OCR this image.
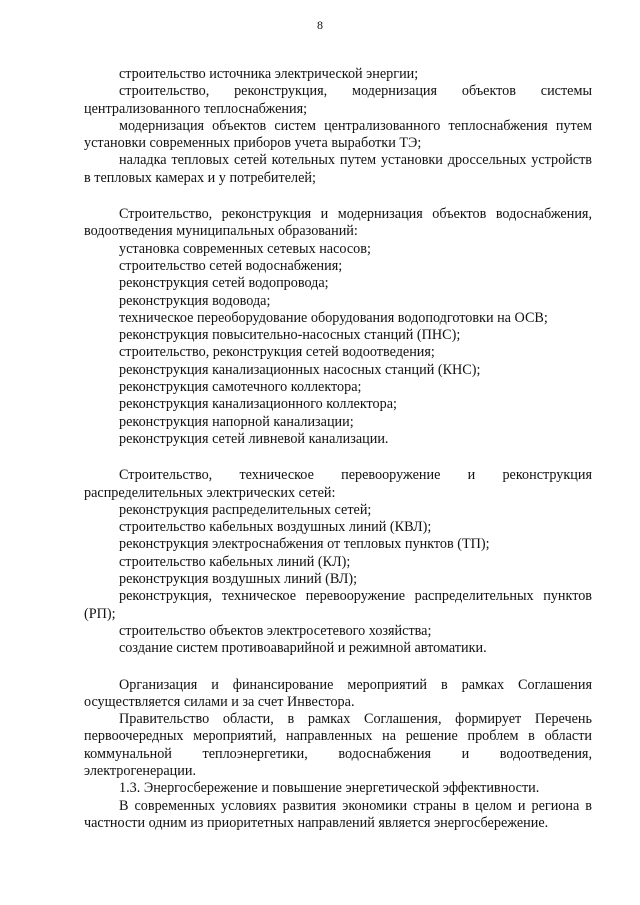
8

строительство источника электрической энергии;

строительство, реконструкция, модернизация объектов системы централизованного теплоснабжения;

модернизация объектов систем централизованного теплоснабжения путем установки современных приборов учета выработки ТЭ;

наладка тепловых сетей котельных путем установки дроссельных устройств в тепловых камерах и у потребителей;

Строительство, реконструкция и модернизация объектов водоснабжения, водоотведения муниципальных образований:

установка современных сетевых насосов;

строительство сетей водоснабжения;

реконструкция сетей водопровода;

реконструкция водовода;

техническое переоборудование оборудования водоподготовки на ОСВ;

реконструкция повысительно-насосных станций (ПНС);

строительство, реконструкция сетей водоотведения;

реконструкция канализационных насосных станций (КНС);

реконструкция самотечного коллектора;

реконструкция канализационного коллектора;

реконструкция напорной канализации;

реконструкция сетей ливневой канализации.

Строительство, техническое перевооружение и реконструкция распределительных электрических сетей:

реконструкция распределительных сетей;

строительство кабельных воздушных линий (КВЛ);

реконструкция электроснабжения от тепловых пунктов (ТП);

строительство кабельных линий (КЛ);

реконструкция воздушных линий (ВЛ);

реконструкция, техническое перевооружение распределительных пунктов (РП);

строительство объектов электросетевого хозяйства;

создание систем противоаварийной и режимной автоматики.

Организация и финансирование мероприятий в рамках Соглашения осуществляется силами и за счет Инвестора.

Правительство области, в рамках Соглашения, формирует Перечень первоочередных мероприятий, направленных на решение проблем в области коммунальной теплоэнергетики, водоснабжения и водоотведения, электрогенерации.

1.3. Энергосбережение и повышение энергетической эффективности.

В современных условиях развития экономики страны в целом и региона в частности одним из приоритетных направлений является энергосбережение.
